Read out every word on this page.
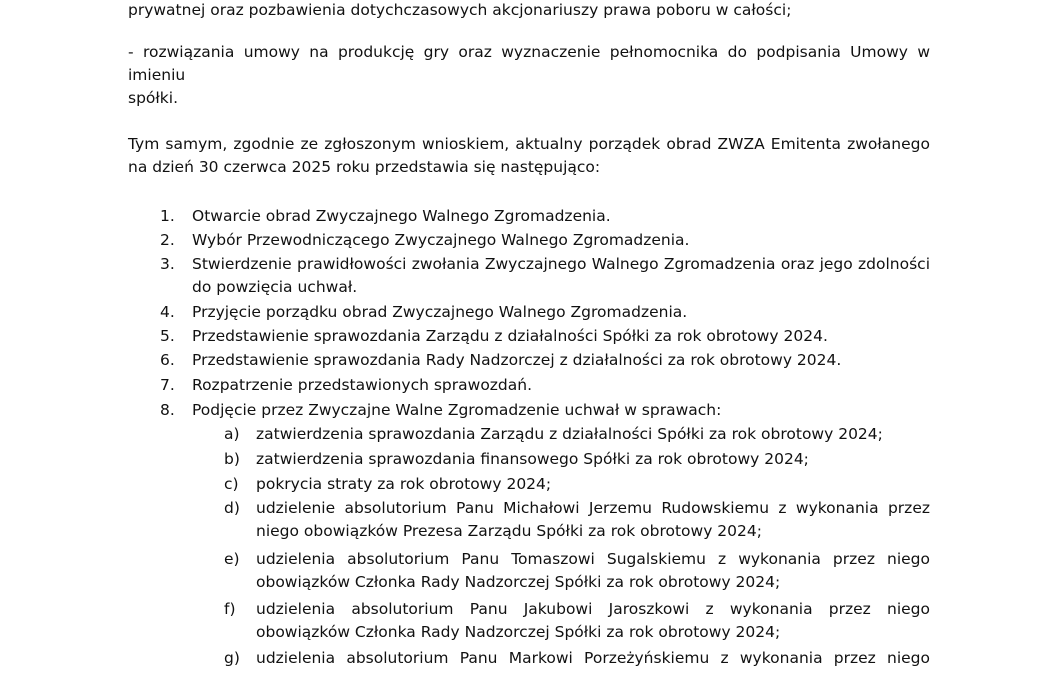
prywatnej oraz pozbawienia dotychczasowych akcjonariuszy prawa poboru w całości;
- rozwiązania umowy na produkcję gry oraz wyznaczenie pełnomocnika do podpisania Umowy w imieniu
spółki.
Tym samym, zgodnie ze zgłoszonym wnioskiem, aktualny porządek obrad ZWZA Emitenta zwołanego
na dzień 30 czerwca 2025 roku przedstawia się następująco:
1. Otwarcie obrad Zwyczajnego Walnego Zgromadzenia.
2. Wybór Przewodniczącego Zwyczajnego Walnego Zgromadzenia.
3. Stwierdzenie prawidłowości zwołania Zwyczajnego Walnego Zgromadzenia oraz jego zdolności
do powzięcia uchwał.
4. Przyjęcie porządku obrad Zwyczajnego Walnego Zgromadzenia.
5. Przedstawienie sprawozdania Zarządu z działalności Spółki za rok obrotowy 2024.
6. Przedstawienie sprawozdania Rady Nadzorczej z działalności za rok obrotowy 2024.
7. Rozpatrzenie przedstawionych sprawozdań.
8. Podjęcie przez Zwyczajne Walne Zgromadzenie uchwał w sprawach:
a) zatwierdzenia sprawozdania Zarządu z działalności Spółki za rok obrotowy 2024;
b) zatwierdzenia sprawozdania finansowego Spółki za rok obrotowy 2024;
c) pokrycia straty za rok obrotowy 2024;
d) udzielenie absolutorium Panu Michałowi Jerzemu Rudowskiemu z wykonania przez
niego obowiązków Prezesa Zarządu Spółki za rok obrotowy 2024;
e) udzielenia absolutorium Panu Tomaszowi Sugalskiemu z wykonania przez niego
obowiązków Członka Rady Nadzorczej Spółki za rok obrotowy 2024;
f) udzielenia absolutorium Panu Jakubowi Jaroszkowi z wykonania przez niego
obowiązków Członka Rady Nadzorczej Spółki za rok obrotowy 2024;
g) udzielenia absolutorium Panu Markowi Porzeżyńskiemu z wykonania przez niego
